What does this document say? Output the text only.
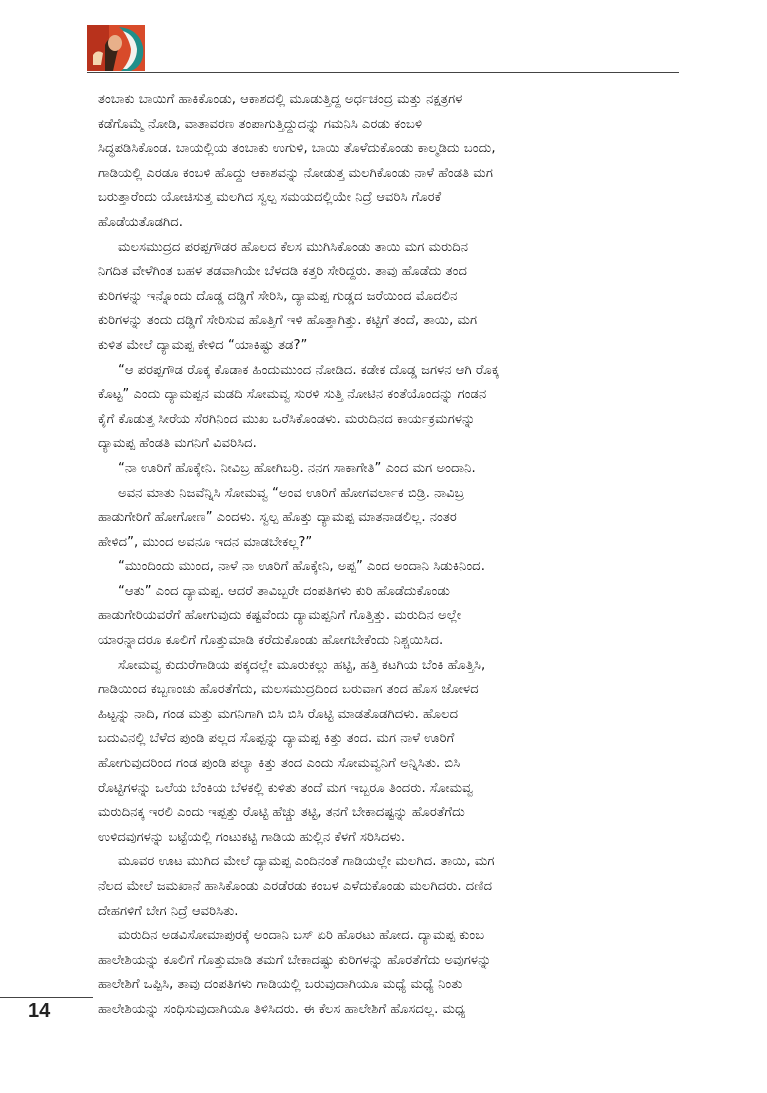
ತಂಬಾಕು ಬಾಯಿಗೆ ಹಾಕಿಕೊಂಡು, ಆಕಾಶದಲ್ಲಿ ಮೂಡುತ್ತಿದ್ದ ಅರ್ಧಚಂದ್ರ ಮತ್ತು ನಕ್ಷತ್ರಗಳ

ಕಡೆಗೊಮ್ಮೆ ನೋಡಿ, ವಾತಾವರಣ ತಂಪಾಗುತ್ತಿದ್ದುದನ್ನು ಗಮನಿಸಿ ಎರಡು ಕಂಬಳಿ

ಸಿದ್ಧಪಡಿಸಿಕೊಂಡ. ಬಾಯಲ್ಲಿಯ ತಂಬಾಕು ಉಗುಳಿ, ಬಾಯಿ ತೊಳೆದುಕೊಂಡು ಕಾಲ್ಮಡಿದು ಬಂದು,

ಗಾಡಿಯಲ್ಲಿ ಎರಡೂ ಕಂಬಳಿ ಹೊದ್ದು ಆಕಾಶವನ್ನು ನೋಡುತ್ತ ಮಲಗಿಕೊಂಡು ನಾಳೆ ಹೆಂಡತಿ ಮಗ

ಬರುತ್ತಾರೆಂದು ಯೋಚಿಸುತ್ತ ಮಲಗಿದ ಸ್ವಲ್ಪ ಸಮಯದಲ್ಲಿಯೇ ನಿದ್ರೆ ಆವರಿಸಿ ಗೊರಕೆ

ಹೊಡೆಯತೊಡಗಿದ.

ಮಲಸಮುದ್ರದ ಪರಪ್ಪಗೌಡರ ಹೊಲದ ಕೆಲಸ ಮುಗಿಸಿಕೊಂಡು ತಾಯಿ ಮಗ ಮರುದಿನ

ನಿಗದಿತ ವೇಳೆಗಿಂತ ಬಹಳ ತಡವಾಗಿಯೇ ಬೆಳದಡಿ ಕತ್ತರಿ ಸೇರಿದ್ದರು. ತಾವು ಹೊಡೆದು ತಂದ

ಕುರಿಗಳನ್ನು ಇನ್ನೊಂದು ದೊಡ್ಡ ದಡ್ಡಿಗೆ ಸೇರಿಸಿ, ದ್ಯಾಮಪ್ಪ ಗುಡ್ಡದ ಜರೆಯಿಂದ ಮೊದಲಿನ

ಕುರಿಗಳನ್ನು ತಂದು ದಡ್ಡಿಗೆ ಸೇರಿಸುವ ಹೊತ್ತಿಗೆ ಇಳಿ ಹೊತ್ತಾಗಿತ್ತು. ಕಟ್ಟಿಗೆ ತಂದೆ, ತಾಯಿ, ಮಗ

ಕುಳಿತ ಮೇಲೆ ದ್ಯಾಮಪ್ಪ ಕೇಳಿದ “ಯಾಕಿಷ್ಟು ತಡ?”

“ಆ ಪರಪ್ಪಗೌಡ ರೊಕ್ಕ ಕೊಡಾಕ ಹಿಂದುಮುಂದ ನೋಡಿದ. ಕಡೇಕ ದೊಡ್ಡ ಜಗಳನ ಆಗಿ ರೊಕ್ಕ

ಕೊಟ್ಟ” ಎಂದು ದ್ಯಾಮಪ್ಪನ ಮಡದಿ ಸೋಮವ್ವ ಸುರಳಿ ಸುತ್ತಿ ನೋಟಿನ ಕಂತೆಯೊಂದನ್ನು ಗಂಡನ

ಕೈಗೆ ಕೊಡುತ್ತ ಸೀರೆಯ ಸೆರಗಿನಿಂದ ಮುಖ ಒರೆಸಿಕೊಂಡಳು. ಮರುದಿನದ ಕಾರ್ಯಕ್ರಮಗಳನ್ನು

ದ್ಯಾಮಪ್ಪ ಹೆಂಡತಿ ಮಗನಿಗೆ ವಿವರಿಸಿದ.

“ನಾ ಊರಿಗೆ ಹೊಕ್ಕೇನಿ. ನೀವಿಬ್ರ ಹೋಗಿಬರ್ರಿ. ನನಗ ಸಾಕಾಗೇತಿ” ಎಂದ ಮಗ ಅಂದಾನಿ.

ಅವನ ಮಾತು ನಿಜವೆನ್ನಿಸಿ ಸೋಮವ್ವ “ಅಂವ ಊರಿಗೆ ಹೋಗವರ್ಲಾಕ ಬಿಡ್ರಿ. ನಾವಿಬ್ರ

ಹಾಡುಗೇರಿಗೆ ಹೋಗೋಣ” ಎಂದಳು. ಸ್ವಲ್ಪ ಹೊತ್ತು ದ್ಯಾಮಪ್ಪ ಮಾತನಾಡಲಿಲ್ಲ. ನಂತರ

ಹೇಳಿದ”, ಮುಂದ ಅವನೂ ಇದನ ಮಾಡಬೇಕಲ್ಲ?”

“ಮುಂದಿಂದು ಮುಂದ, ನಾಳೆ ನಾ ಊರಿಗೆ ಹೊಕ್ಕೇನಿ, ಅಪ್ಪ” ಎಂದ ಅಂದಾನಿ ಸಿಡುಕಿನಿಂದ.

“ಆತು” ಎಂದ ದ್ಯಾಮಪ್ಪ. ಆದರೆ ತಾವಿಬ್ಬರೇ ದಂಪತಿಗಳು ಕುರಿ ಹೊಡೆದುಕೊಂಡು

ಹಾಡುಗೇರಿಯವರೆಗೆ ಹೋಗುವುದು ಕಷ್ಟವೆಂದು ದ್ಯಾಮಪ್ಪನಿಗೆ ಗೊತ್ತಿತ್ತು. ಮರುದಿನ ಅಲ್ಲೇ

ಯಾರನ್ನಾದರೂ ಕೂಲಿಗೆ ಗೊತ್ತುಮಾಡಿ ಕರೆದುಕೊಂಡು ಹೋಗಬೇಕೆಂದು ನಿಶ್ಚಯಿಸಿದ.

ಸೋಮವ್ವ ಕುದುರೆಗಾಡಿಯ ಪಕ್ಕದಲ್ಲೇ ಮೂರುಕಲ್ಲು ಹಟ್ಟಿ, ಹತ್ತಿ ಕಟಗಿಯ ಬೆಂಕಿ ಹೊತ್ತಿಸಿ,

ಗಾಡಿಯಿಂದ ಕಬ್ಬಣಂಚು ಹೊರತೆಗೆದು, ಮಲಸಮುದ್ರದಿಂದ ಬರುವಾಗ ತಂದ ಹೊಸ ಜೋಳದ

ಹಿಟ್ಟನ್ನು ನಾದಿ, ಗಂಡ ಮತ್ತು ಮಗನಿಗಾಗಿ ಬಿಸಿ ಬಿಸಿ ರೊಟ್ಟಿ ಮಾಡತೊಡಗಿದಳು. ಹೊಲದ

ಬದುವಿನಲ್ಲಿ ಬೆಳೆದ ಪುಂಡಿ ಪಲ್ಲದ ಸೊಪ್ಪನ್ನು ದ್ಯಾಮಪ್ಪ ಕಿತ್ತು ತಂದ. ಮಗ ನಾಳೆ ಊರಿಗೆ

ಹೋಗುವುದರಿಂದ ಗಂಡ ಪುಂಡಿ ಪಲ್ಯಾ ಕಿತ್ತು ತಂದ ಎಂದು ಸೋಮವ್ವನಿಗೆ ಅನ್ನಿಸಿತು. ಬಿಸಿ

ರೊಟ್ಟಿಗಳನ್ನು ಒಲೆಯ ಬೆಂಕಿಯ ಬೆಳಕಲ್ಲಿ ಕುಳಿತು ತಂದೆ ಮಗ ಇಬ್ಬರೂ ತಿಂದರು. ಸೋಮವ್ವ

ಮರುದಿನಕ್ಕ ಇರಲಿ ಎಂದು ಇಪ್ಪತ್ತು ರೊಟ್ಟಿ ಹೆಚ್ಚು ತಟ್ಟಿ, ತನಗೆ ಬೇಕಾದಷ್ಟನ್ನು ಹೊರತೆಗೆದು

ಉಳಿದವುಗಳನ್ನು ಬಟ್ಟೆಯಲ್ಲಿ ಗಂಟುಕಟ್ಟಿ ಗಾಡಿಯ ಹುಲ್ಲಿನ ಕೆಳಗೆ ಸರಿಸಿದಳು.

ಮೂವರ ಊಟ ಮುಗಿದ ಮೇಲೆ ದ್ಯಾಮಪ್ಪ ಎಂದಿನಂತೆ ಗಾಡಿಯಲ್ಲೇ ಮಲಗಿದ. ತಾಯಿ, ಮಗ

ನೆಲದ ಮೇಲೆ ಜಮಖಾನೆ ಹಾಸಿಕೊಂಡು ಎರಡೆರಡು ಕಂಬಳ ಎಳೆದುಕೊಂಡು ಮಲಗಿದರು. ದಣಿದ

ದೇಹಗಳಿಗೆ ಬೇಗ ನಿದ್ರೆ ಆವರಿಸಿತು.

ಮರುದಿನ ಅಡವಿಸೋಮಾಪುರಕ್ಕೆ ಅಂದಾನಿ ಬಸ್ ಏರಿ ಹೊರಟು ಹೋದ. ದ್ಯಾಮಪ್ಪ ಕುಂಬ

ಹಾಲೇಶಿಯನ್ನು ಕೂಲಿಗೆ ಗೊತ್ತುಮಾಡಿ ತಮಗೆ ಬೇಕಾದಷ್ಟು ಕುರಿಗಳನ್ನು ಹೊರತೆಗೆದು ಅವುಗಳನ್ನು

ಹಾಲೇಶಿಗೆ ಒಪ್ಪಿಸಿ, ತಾವು ದಂಪತಿಗಳು ಗಾಡಿಯಲ್ಲಿ ಬರುವುದಾಗಿಯೂ ಮಧ್ಯೆ ಮಧ್ಯೆ ನಿಂತು

ಹಾಲೇಶಿಯನ್ನು ಸಂಧಿಸುವುದಾಗಿಯೂ ತಿಳಿಸಿದರು. ಈ ಕೆಲಸ ಹಾಲೇಶಿಗೆ ಹೊಸದಲ್ಲ. ಮಧ್ಯ

14
